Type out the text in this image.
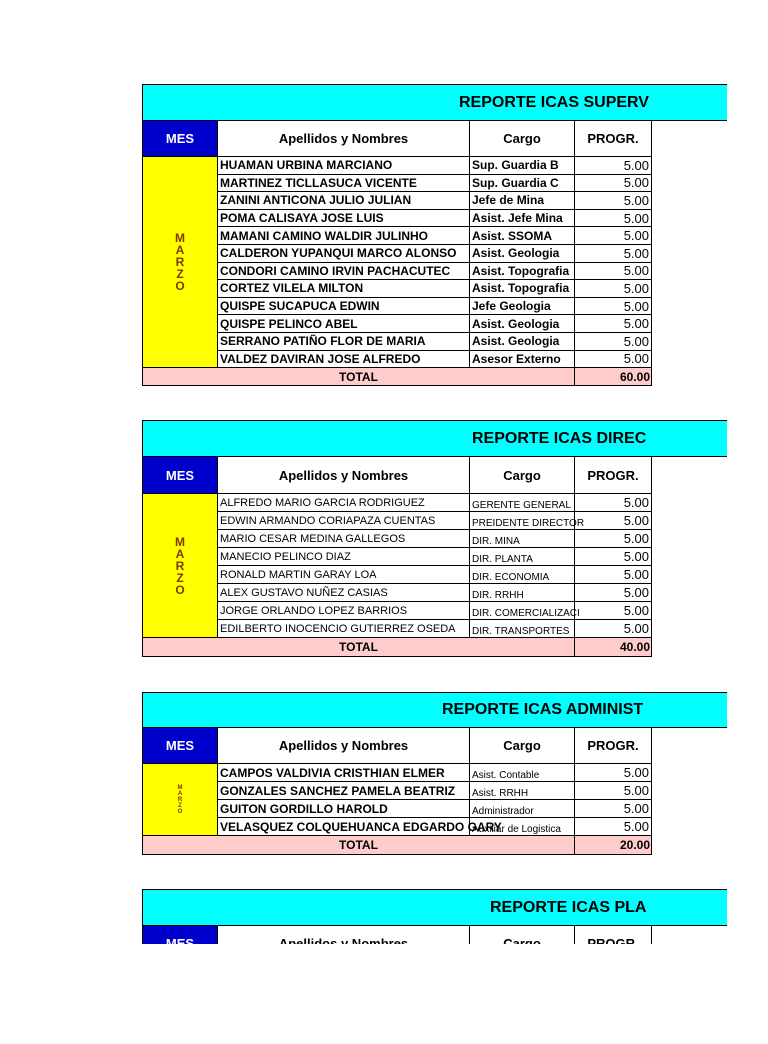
REPORTE ICAS SUPERV
MES	Apellidos y Nombres	Cargo	PROGR.

M
A
R
Z
O	HUAMAN URBINA MARCIANO	Sup. Guardia B	5.00
	MARTINEZ TICLLASUCA VICENTE	Sup. Guardia C	5.00
	ZANINI ANTICONA JULIO JULIAN	Jefe de Mina	5.00
	POMA CALISAYA JOSE LUIS	Asist. Jefe Mina	5.00
	MAMANI CAMINO WALDIR JULINHO	Asist. SSOMA	5.00
	CALDERON YUPANQUI MARCO ALONSO	Asist. Geologia	5.00
	CONDORI CAMINO IRVIN PACHACUTEC	Asist. Topografia	5.00
	CORTEZ VILELA MILTON	Asist. Topografia	5.00
	QUISPE SUCAPUCA EDWIN	Jefe Geologia	5.00
	QUISPE PELINCO ABEL	Asist. Geologia	5.00
	SERRANO PATIÑO FLOR DE MARIA	Asist. Geologia	5.00
	VALDEZ DAVIRAN JOSE ALFREDO	Asesor Externo	5.00
TOTAL			60.00
REPORTE ICAS DIREC
MES	Apellidos y Nombres	Cargo	PROGR.

M
A
R
Z
O	ALFREDO MARIO GARCIA RODRIGUEZ	GERENTE GENERAL	5.00
	EDWIN ARMANDO CORIAPAZA CUENTAS	PREIDENTE DIRECTOR	5.00
	MARIO CESAR MEDINA GALLEGOS	DIR. MINA	5.00
	MANECIO PELINCO DIAZ	DIR. PLANTA	5.00
	RONALD MARTIN GARAY LOA	DIR. ECONOMIA	5.00
	ALEX GUSTAVO NUÑEZ CASIAS	DIR. RRHH	5.00
	JORGE ORLANDO LOPEZ BARRIOS	DIR. COMERCIALIZACI	5.00
	EDILBERTO INOCENCIO GUTIERREZ OSEDA	DIR. TRANSPORTES	5.00
TOTAL			40.00
REPORTE ICAS ADMINIST
MES	Apellidos y Nombres	Cargo	PROGR.

M
A
R
Z
O	CAMPOS VALDIVIA CRISTHIAN ELMER	Asist. Contable	5.00
	GONZALES SANCHEZ PAMELA BEATRIZ	Asist. RRHH	5.00
	GUITON GORDILLO HAROLD	Administrador	5.00
	VELASQUEZ COLQUEHUANCA EDGARDO GARY	Auxiliar de Logistica	5.00
TOTAL			20.00
REPORTE ICAS PLA
